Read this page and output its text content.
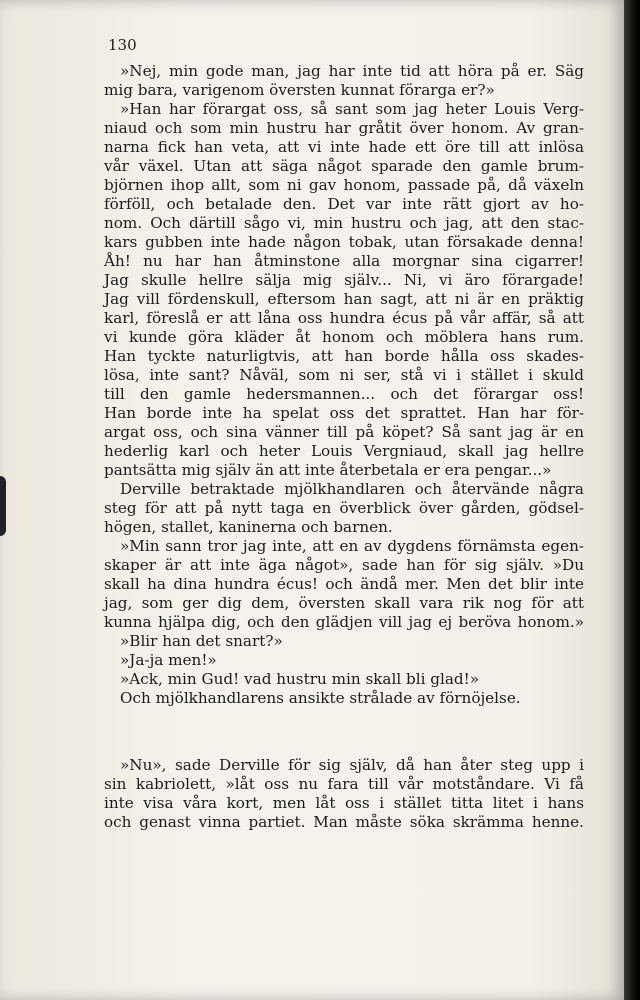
130
»Nej, min gode man, jag har inte tid att höra på er. Säg
mig bara, varigenom översten kunnat förarga er?»
»Han har förargat oss, så sant som jag heter Louis Verg-
niaud och som min hustru har gråtit över honom. Av gran-
narna fick han veta, att vi inte hade ett öre till att inlösa
vår växel. Utan att säga något sparade den gamle brum-
björnen ihop allt, som ni gav honom, passade på, då växeln
förföll, och betalade den. Det var inte rätt gjort av ho-
nom. Och därtill sågo vi, min hustru och jag, att den stac-
kars gubben inte hade någon tobak, utan försakade denna!
Åh! nu har han åtminstone alla morgnar sina cigarrer!
Jag skulle hellre sälja mig själv... Ni, vi äro förargade!
Jag vill fördenskull, eftersom han sagt, att ni är en präktig
karl, föreslå er att låna oss hundra écus på vår affär, så att
vi kunde göra kläder åt honom och möblera hans rum.
Han tyckte naturligtvis, att han borde hålla oss skades-
lösa, inte sant? Nåväl, som ni ser, stå vi i stället i skuld
till den gamle hedersmannen... och det förargar oss!
Han borde inte ha spelat oss det sprattet. Han har för-
argat oss, och sina vänner till på köpet? Så sant jag är en
hederlig karl och heter Louis Vergniaud, skall jag hellre
pantsätta mig själv än att inte återbetala er era pengar...»
Derville betraktade mjölkhandlaren och återvände några
steg för att på nytt taga en överblick över gården, gödsel-
högen, stallet, kaninerna och barnen.
»Min sann tror jag inte, att en av dygdens förnämsta egen-
skaper är att inte äga något», sade han för sig själv. »Du
skall ha dina hundra écus! och ändå mer. Men det blir inte
jag, som ger dig dem, översten skall vara rik nog för att
kunna hjälpa dig, och den glädjen vill jag ej beröva honom.»
»Blir han det snart?»
»Ja-ja men!»
»Ack, min Gud! vad hustru min skall bli glad!»
Och mjölkhandlarens ansikte strålade av förnöjelse.
»Nu», sade Derville för sig själv, då han åter steg upp i
sin kabriolett, »låt oss nu fara till vår motståndare. Vi få
inte visa våra kort, men låt oss i stället titta litet i hans
och genast vinna partiet. Man måste söka skrämma henne.
